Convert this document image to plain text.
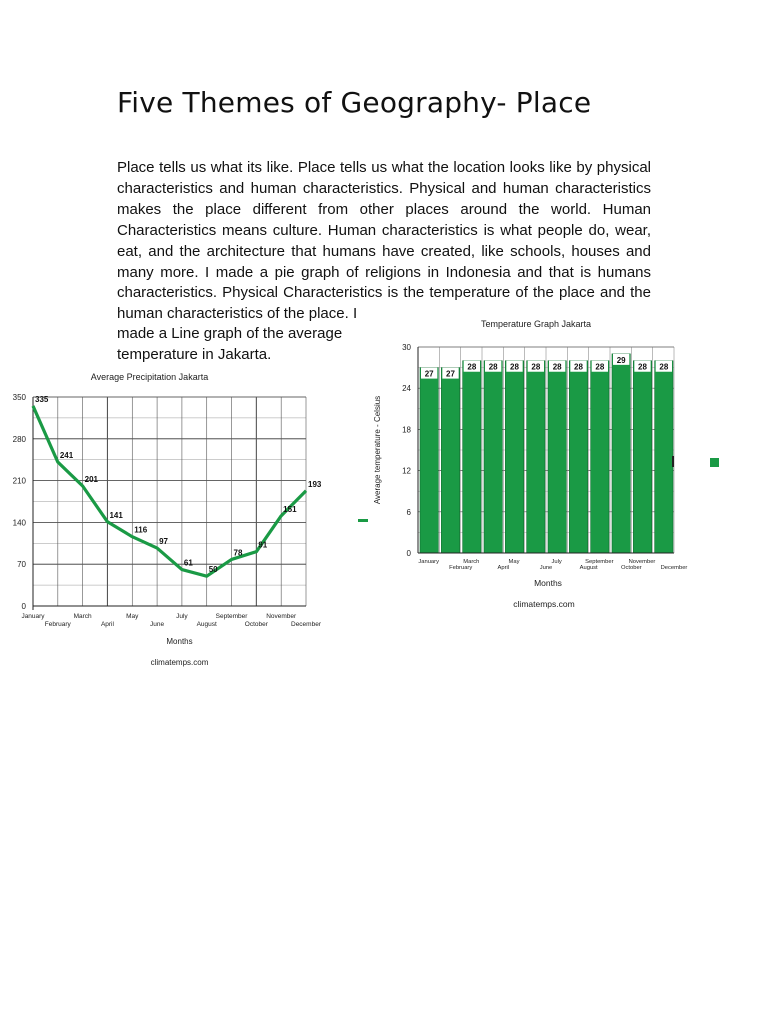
Five Themes of Geography- Place

Place tells us what its like. Place tells us what the location looks like by physical characteristics and human characteristics. Physical and human characteristics makes the place different from other places around the world. Human Characteristics means culture. Human characteristics is what people do, wear, eat, and the architecture that humans have created, like schools, houses and many more. I made a pie graph of religions in Indonesia and that is humans characteristics. Physical Characteristics is the temperature of the place and the human characteristics of the place. I

made a Line graph of the average temperature in Jakarta.

Average Precipitation Jakarta
0
70
140
210
280
350
January
February
March
April
May
June
July
August
September
October
November
December
335
241
201
141
116
97
61
50
78
91
151
193
Months
climatemps.com
Temperature Graph Jakarta
0
6
12
18
24
30
27 27
28 28 28 28 28 28 28
29
28 28
January
February
March
April
May
June
July
August
September
October
November
December
Average temperature - Celsius
Months
climatemps.com
